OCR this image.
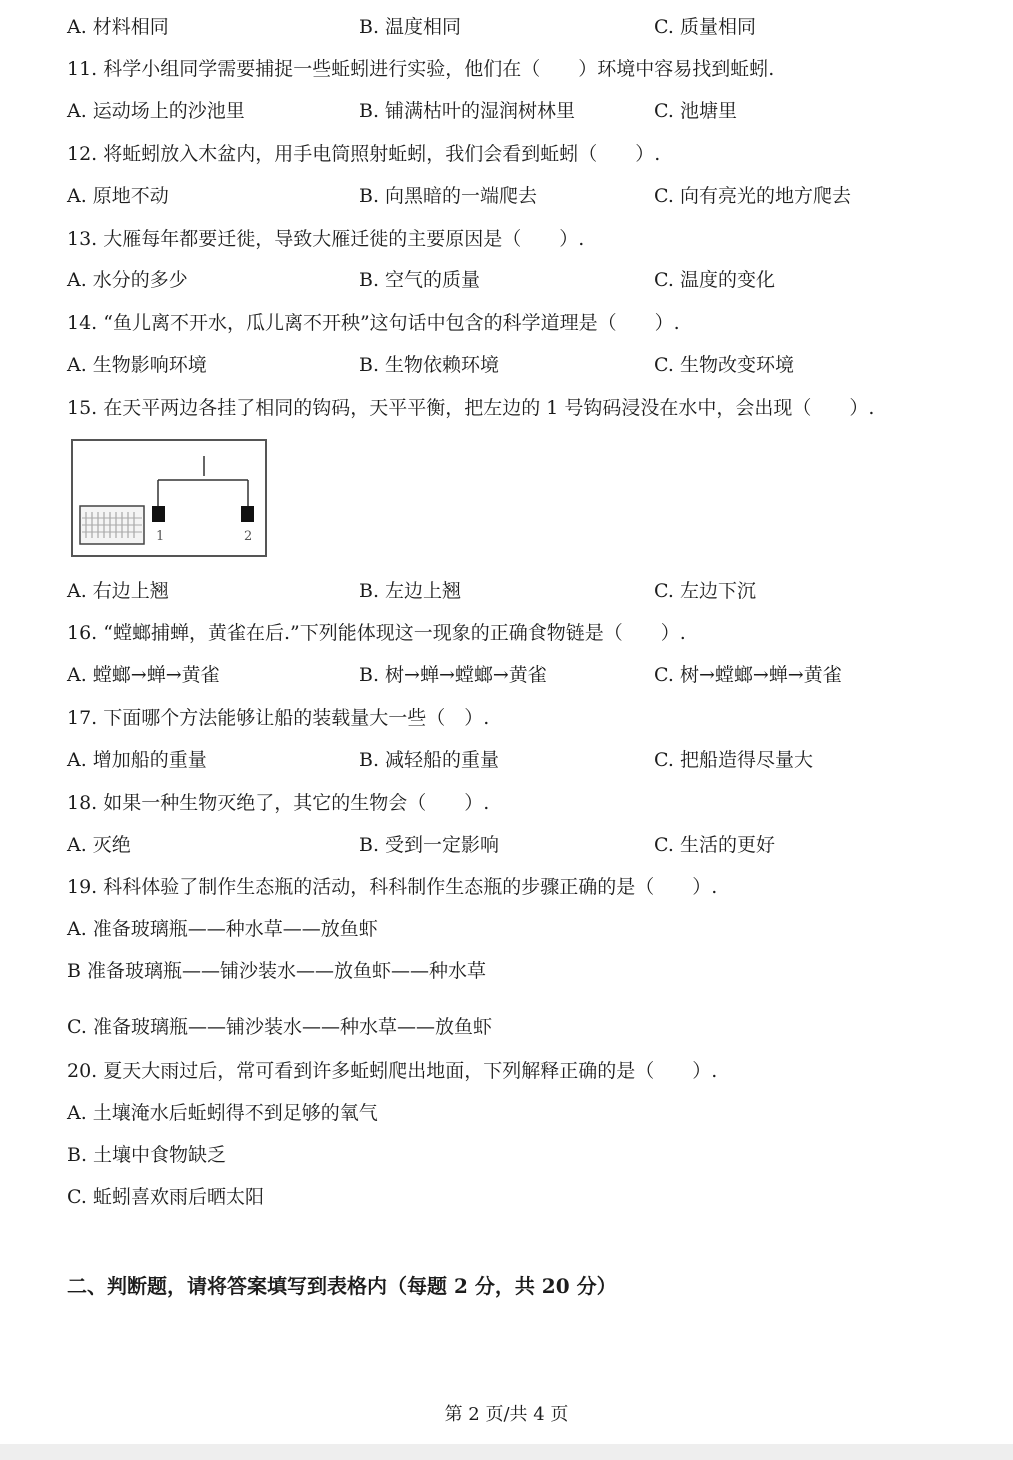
A. 材料相同	B. 温度相同	C. 质量相同
11. 科学小组同学需要捕捉一些蚯蚓进行实验，他们在（　　）环境中容易找到蚯蚓.
A. 运动场上的沙池里	B. 铺满枯叶的湿润树林里	C. 池塘里
12. 将蚯蚓放入木盆内，用手电筒照射蚯蚓，我们会看到蚯蚓（　　）.
A. 原地不动	B. 向黑暗的一端爬去	C. 向有亮光的地方爬去
13. 大雁每年都要迁徙，导致大雁迁徙的主要原因是（　　）.
A. 水分的多少	B. 空气的质量	C. 温度的变化
14. “鱼儿离不开水，瓜儿离不开秧”这句话中包含的科学道理是（　　）.
A. 生物影响环境	B. 生物依赖环境	C. 生物改变环境
15. 在天平两边各挂了相同的钩码，天平平衡，把左边的 1 号钩码浸没在水中，会出现（　　）.
1	2
A. 右边上翘	B. 左边上翘	C. 左边下沉
16. “螳螂捕蝉，黄雀在后.”下列能体现这一现象的正确食物链是（　　）.
A. 螳螂→蝉→黄雀	B. 树→蝉→螳螂→黄雀	C. 树→螳螂→蝉→黄雀
17. 下面哪个方法能够让船的装载量大一些（　）.
A. 增加船的重量	B. 减轻船的重量	C. 把船造得尽量大
18. 如果一种生物灭绝了，其它的生物会（　　）.
A. 灭绝	B. 受到一定影响	C. 生活的更好
19. 科科体验了制作生态瓶的活动，科科制作生态瓶的步骤正确的是（　　）.
A. 准备玻璃瓶——种水草——放鱼虾
B 准备玻璃瓶——铺沙装水——放鱼虾——种水草
C. 准备玻璃瓶——铺沙装水——种水草——放鱼虾
20. 夏天大雨过后，常可看到许多蚯蚓爬出地面，下列解释正确的是（　　）.
A. 土壤淹水后蚯蚓得不到足够的氧气
B. 土壤中食物缺乏
C. 蚯蚓喜欢雨后晒太阳
二、判断题，请将答案填写到表格内（每题 2 分，共 20 分）
第 2 页/共 4 页
